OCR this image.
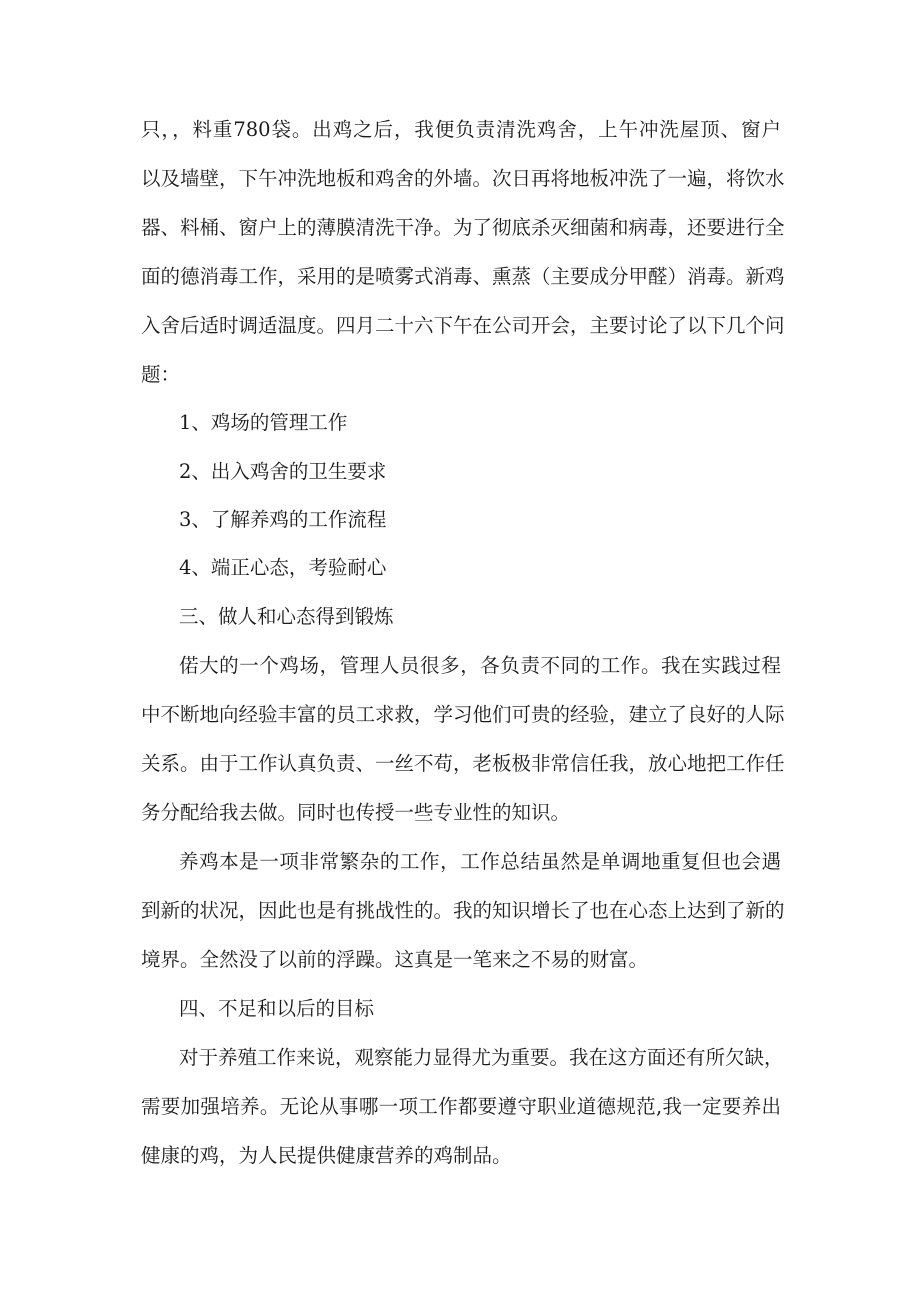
只，，料重780袋。出鸡之后，我便负责清洗鸡舍，上午冲洗屋顶、窗户
以及墙壁，下午冲洗地板和鸡舍的外墙。次日再将地板冲洗了一遍，将饮水
器、料桶、窗户上的薄膜清洗干净。为了彻底杀灭细菌和病毒，还要进行全
面的德消毒工作，采用的是喷雾式消毒、熏蒸（主要成分甲醛）消毒。新鸡
入舍后适时调适温度。四月二十六下午在公司开会，主要讨论了以下几个问
题：
1、鸡场的管理工作
2、出入鸡舍的卫生要求
3、了解养鸡的工作流程
4、端正心态，考验耐心
三、做人和心态得到锻炼
偌大的一个鸡场，管理人员很多，各负责不同的工作。我在实践过程
中不断地向经验丰富的员工求救，学习他们可贵的经验，建立了良好的人际
关系。由于工作认真负责、一丝不苟，老板极非常信任我，放心地把工作任
务分配给我去做。同时也传授一些专业性的知识。
养鸡本是一项非常繁杂的工作，工作总结虽然是单调地重复但也会遇
到新的状况，因此也是有挑战性的。我的知识增长了也在心态上达到了新的
境界。全然没了以前的浮躁。这真是一笔来之不易的财富。
四、不足和以后的目标
对于养殖工作来说，观察能力显得尤为重要。我在这方面还有所欠缺，
需要加强培养。无论从事哪一项工作都要遵守职业道德规范,我一定要养出
健康的鸡，为人民提供健康营养的鸡制品。
